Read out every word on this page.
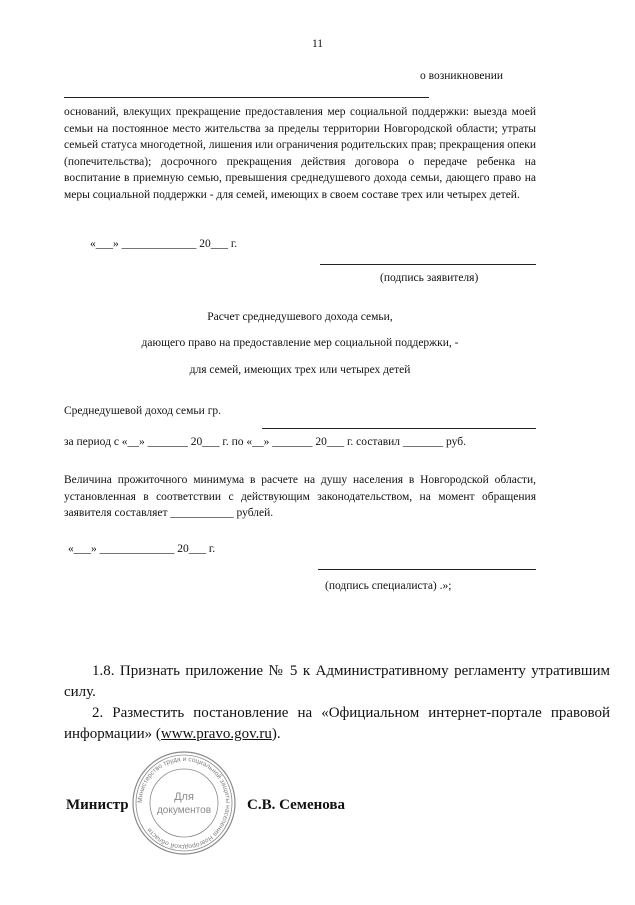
11
о возникновении
оснований, влекущих прекращение предоставления мер социальной поддержки: выезда моей семьи на постоянное место жительства за пределы территории Новгородской области; утраты семьей статуса многодетной, лишения или ограничения родительских прав; прекращения опеки (попечительства); досрочного прекращения действия договора о передаче ребенка на воспитание в приемную семью, превышения среднедушевого дохода семьи, дающего право на меры социальной поддержки - для семей, имеющих в своем составе трех или четырех детей.
«___» _____________ 20___ г.
(подпись заявителя)
Расчет среднедушевого дохода семьи,
дающего право на предоставление мер социальной поддержки, -
для семей, имеющих трех или четырех детей
Среднедушевой доход семьи гр.
за период с «__» _______ 20___ г. по «__» _______ 20___ г. составил _______ руб.
Величина прожиточного минимума в расчете на душу населения в Новгородской области, установленная в соответствии с действующим законодательством, на момент обращения заявителя составляет ___________ рублей.
«___» _____________ 20___ г.
(подпись специалиста) .»;
1.8. Признать приложение № 5 к Административному регламенту утратившим силу.
2. Разместить постановление на «Официальном интернет-портале правовой информации» (www.pravo.gov.ru).
Министерство труда и социальной защиты населения Новгородской области
Для
документов
Министр	С.В. Семенова
